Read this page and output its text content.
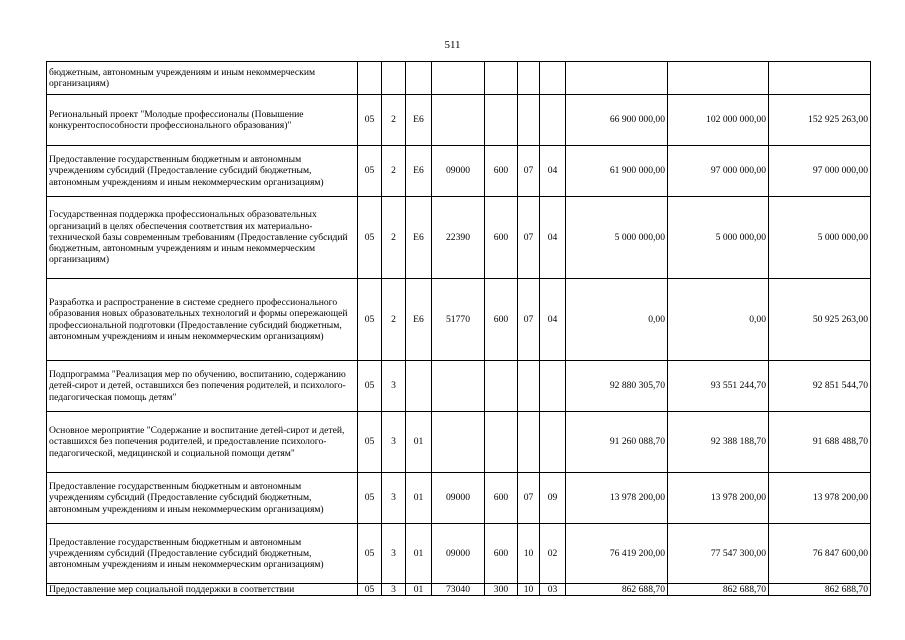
511
бюджетным, автономным учреждениям и иным некоммерческим организациям)										
Региональный проект "Молодые профессионалы (Повышение конкурентоспособности профессионального образования)"	05	2	Е6					66 900 000,00	102 000 000,00	152 925 263,00
Предоставление государственным бюджетным и автономным учреждениям субсидий (Предоставление субсидий бюджетным, автономным учреждениям и иным некоммерческим организациям)	05	2	Е6	09000	600	07	04	61 900 000,00	97 000 000,00	97 000 000,00
Государственная поддержка профессиональных образовательных организаций в целях обеспечения соответствия их материально-технической базы современным требованиям (Предоставление субсидий бюджетным, автономным учреждениям и иным некоммерческим организациям)	05	2	Е6	22390	600	07	04	5 000 000,00	5 000 000,00	5 000 000,00
Разработка и распространение в системе среднего профессионального образования новых образовательных технологий и формы опережающей профессиональной подготовки (Предоставление субсидий бюджетным, автономным учреждениям и иным некоммерческим организациям)	05	2	Е6	51770	600	07	04	0,00	0,00	50 925 263,00
Подпрограмма "Реализация мер по обучению, воспитанию, содержанию детей-сирот и детей, оставшихся без попечения родителей, и психолого-педагогическая помощь детям"	05	3						92 880 305,70	93 551 244,70	92 851 544,70
Основное мероприятие "Содержание и воспитание детей-сирот и детей, оставшихся без попечения родителей, и предоставление психолого-педагогической, медицинской и социальной помощи детям"	05	3	01					91 260 088,70	92 388 188,70	91 688 488,70
Предоставление государственным бюджетным и автономным учреждениям субсидий (Предоставление субсидий бюджетным, автономным учреждениям и иным некоммерческим организациям)	05	3	01	09000	600	07	09	13 978 200,00	13 978 200,00	13 978 200,00
Предоставление государственным бюджетным и автономным учреждениям субсидий (Предоставление субсидий бюджетным, автономным учреждениям и иным некоммерческим организациям)	05	3	01	09000	600	10	02	76 419 200,00	77 547 300,00	76 847 600,00
Предоставление мер социальной поддержки в соответствии	05	3	01	73040	300	10	03	862 688,70	862 688,70	862 688,70
